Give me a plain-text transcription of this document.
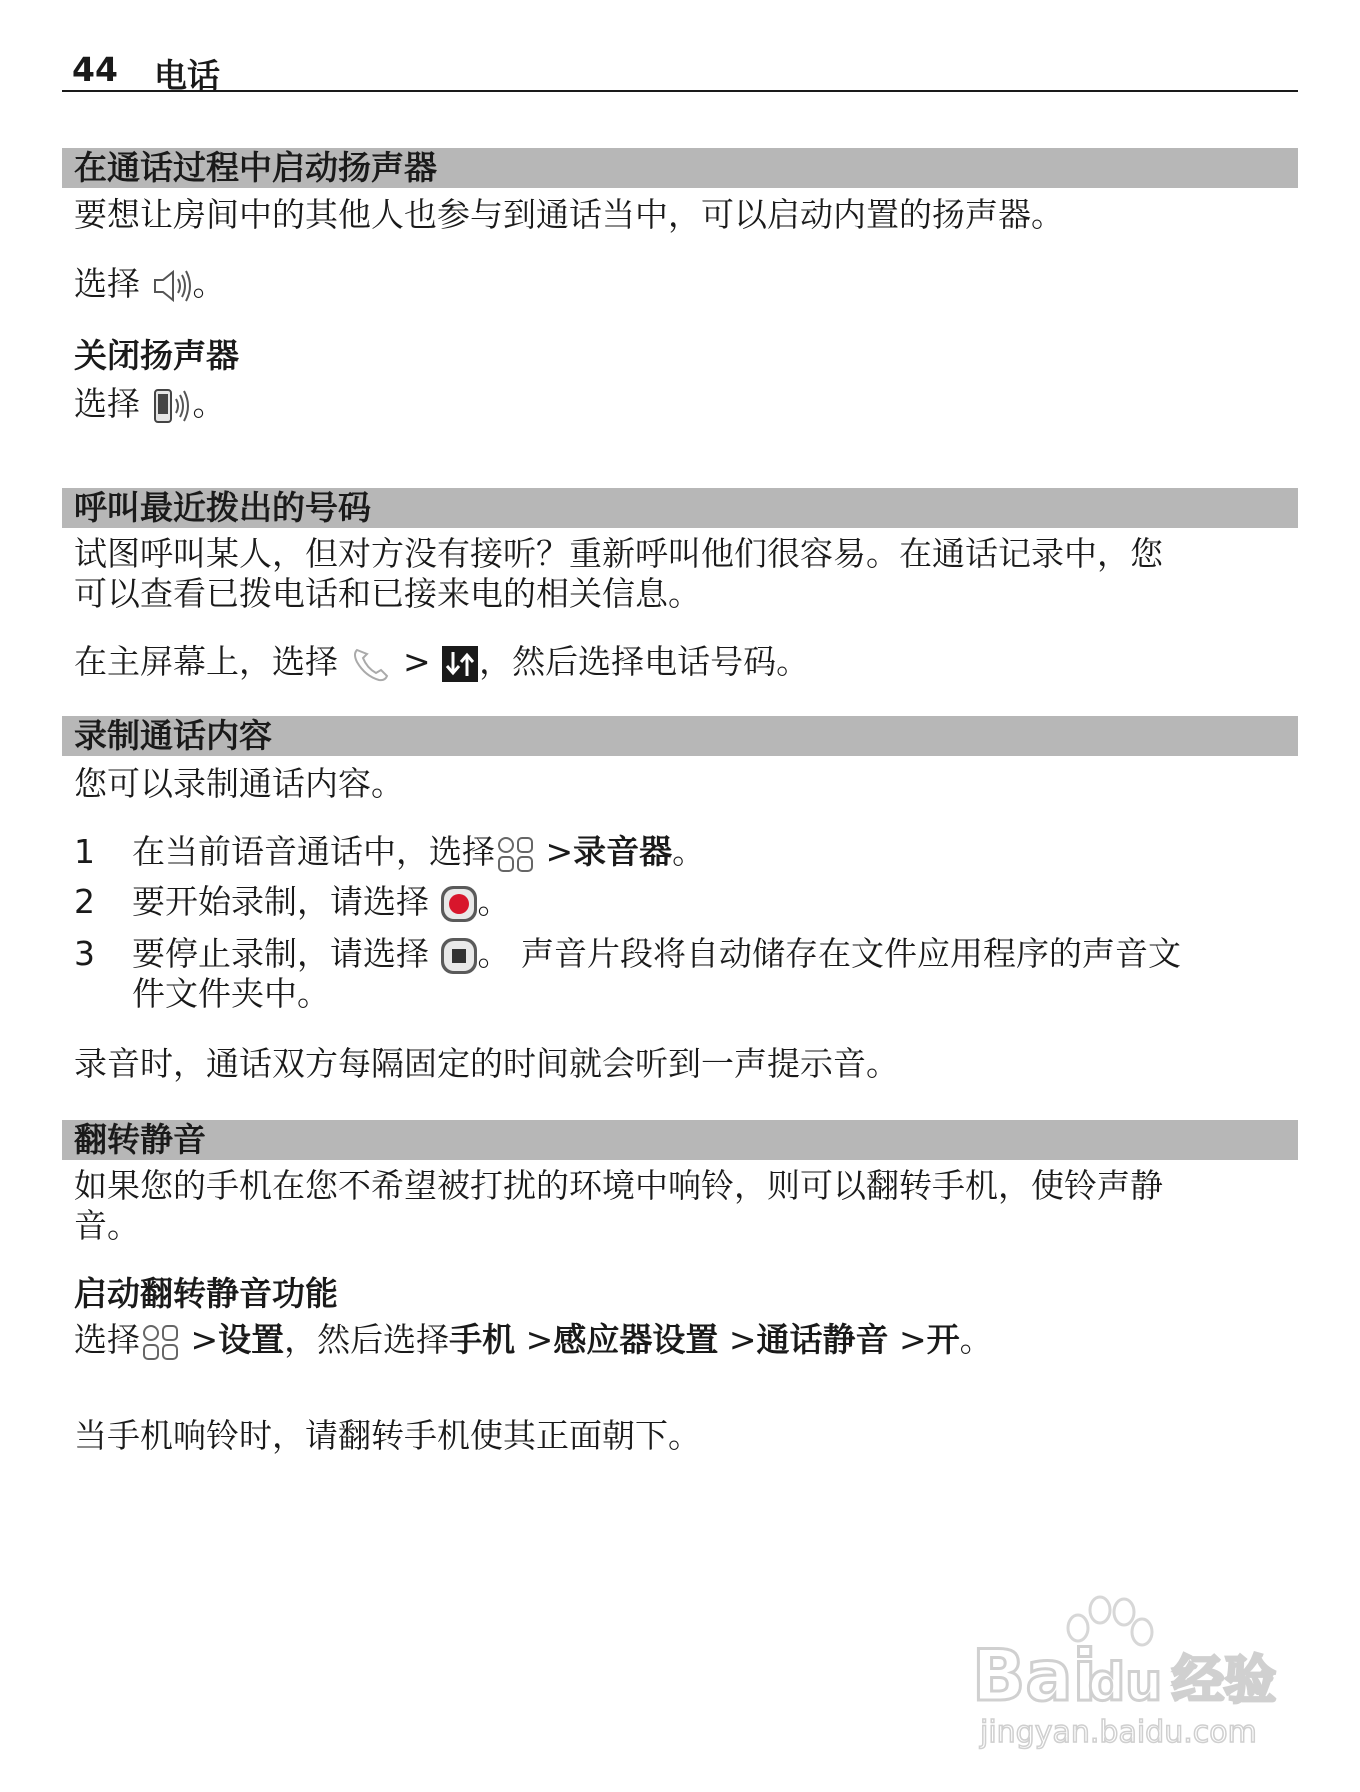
44 电话
在通话过程中启动扬声器
要想让房间中的其他人也参与到通话当中，可以启动内置的扬声器。
选择 。
关闭扬声器
选择 。
呼叫最近拨出的号码
试图呼叫某人，但对方没有接听？重新呼叫他们很容易。在通话记录中，您
可以查看已拨电话和已接来电的相关信息。
在主屏幕上，选择 > ，然后选择电话号码。
录制通话内容
您可以录制通话内容。
1	在当前语音通话中，选择 >录音器。
2	要开始录制，请选择 。
3	要停止录制，请选择 。 声音片段将自动储存在文件应用程序的声音文
件文件夹中。
录音时，通话双方每隔固定的时间就会听到一声提示音。
翻转静音
如果您的手机在您不希望被打扰的环境中响铃，则可以翻转手机，使铃声静
音。
启动翻转静音功能
选择 >设置，然后选择手机 >感应器设置 >通话静音 >开。
当手机响铃时，请翻转手机使其正面朝下。
Bai
du 经验
jingyan.baidu.com
